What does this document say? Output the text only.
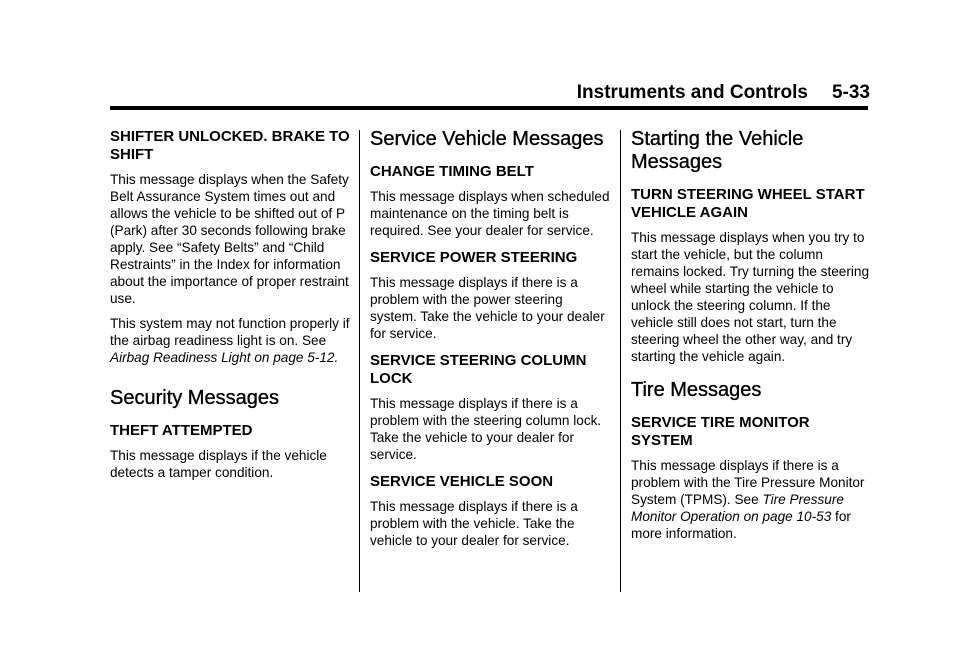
Instruments and Controls 5-33
SHIFTER UNLOCKED. BRAKE TO SHIFT

This message displays when the Safety Belt Assurance System times out and allows the vehicle to be shifted out of P (Park) after 30 seconds following brake apply. See “Safety Belts” and “Child Restraints” in the Index for information about the importance of proper restraint use.

This system may not function properly if the airbag readiness light is on. See Airbag Readiness Light on page 5-12.

Security Messages
THEFT ATTEMPTED

This message displays if the vehicle detects a tamper condition.

Service Vehicle Messages
CHANGE TIMING BELT

This message displays when scheduled maintenance on the timing belt is required. See your dealer for service.

SERVICE POWER STEERING

This message displays if there is a problem with the power steering system. Take the vehicle to your dealer for service.

SERVICE STEERING COLUMN LOCK

This message displays if there is a problem with the steering column lock. Take the vehicle to your dealer for service.

SERVICE VEHICLE SOON

This message displays if there is a problem with the vehicle. Take the vehicle to your dealer for service.

Starting the Vehicle Messages
TURN STEERING WHEEL START VEHICLE AGAIN

This message displays when you try to start the vehicle, but the column remains locked. Try turning the steering wheel while starting the vehicle to unlock the steering column. If the vehicle still does not start, turn the steering wheel the other way, and try starting the vehicle again.

Tire Messages
SERVICE TIRE MONITOR SYSTEM

This message displays if there is a problem with the Tire Pressure Monitor System (TPMS). See Tire Pressure Monitor Operation on page 10-53 for more information.
